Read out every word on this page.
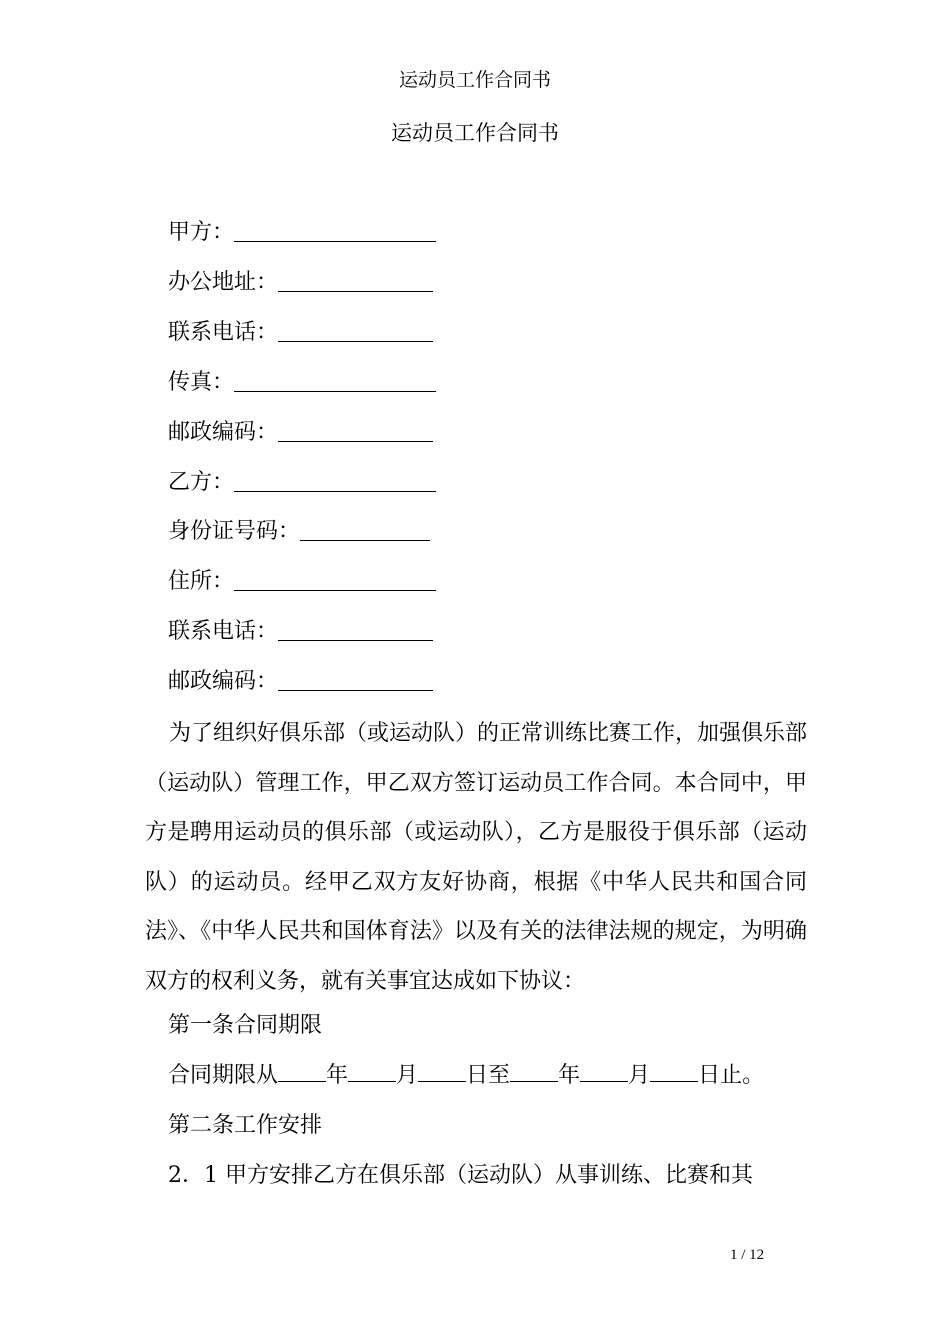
运动员工作合同书
运动员工作合同书
甲方：
办公地址：
联系电话：
传真：
邮政编码：
乙方：
身份证号码：
住所：
联系电话：
邮政编码：

为了组织好俱乐部（或运动队）的正常训练比赛工作，加强俱乐部（运动队）管理工作，甲乙双方签订运动员工作合同。本合同中，甲方是聘用运动员的俱乐部（或运动队），乙方是服役于俱乐部（运动队）的运动员。经甲乙双方友好协商，根据《中华人民共和国合同法》、《中华人民共和国体育法》以及有关的法律法规的规定，为明确双方的权利义务，就有关事宜达成如下协议：

第一条合同期限
合同期限从 年 月 日至 年 月 日止。
第二条工作安排
2．1 甲方安排乙方在俱乐部（运动队）从事训练、比赛和其
1 / 12
